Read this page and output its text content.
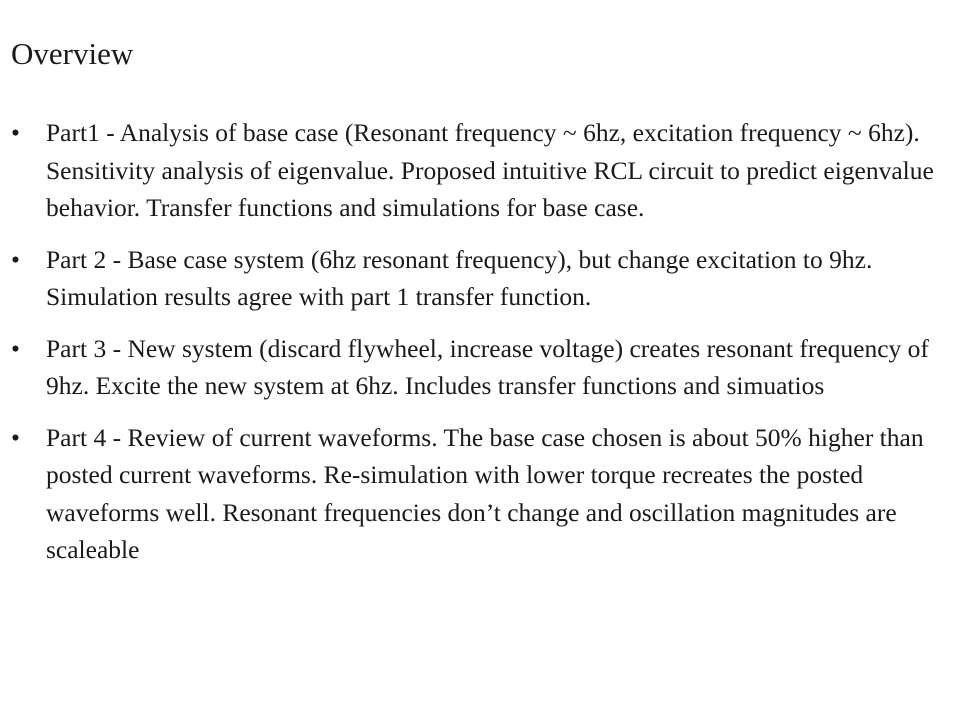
Overview
•	Part1 - Analysis of base case (Resonant frequency ~ 6hz, excitation frequency ~ 6hz). Sensitivity analysis of eigenvalue. Proposed intuitive RCL circuit to predict eigenvalue behavior. Transfer functions and simulations for base case.
•	Part 2 - Base case system (6hz resonant frequency), but change excitation to 9hz. Simulation results agree with part 1 transfer function.
•	Part 3 - New system (discard flywheel, increase voltage) creates resonant frequency of 9hz. Excite the new system at 6hz. Includes transfer functions and simuatios
•	Part 4 - Review of current waveforms. The base case chosen is about 50% higher than posted current waveforms. Re-simulation with lower torque recreates the posted waveforms well. Resonant frequencies don’t change and oscillation magnitudes are scaleable
